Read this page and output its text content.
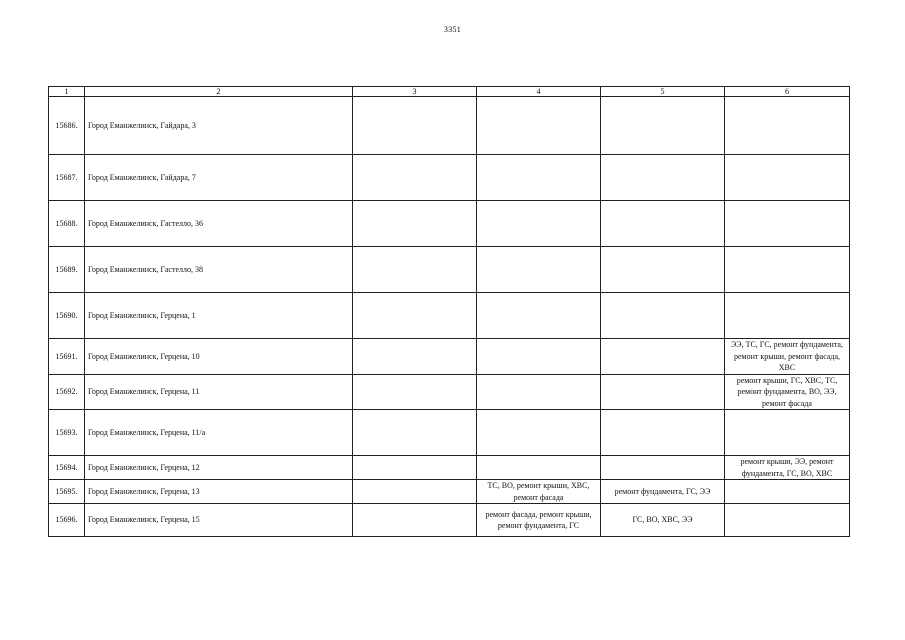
3351
1	2	3	4	5	6
15686.	Город Еманжелинск, Гайдара, 3				
15687.	Город Еманжелинск, Гайдара, 7				
15688.	Город Еманжелинск, Гастелло, 36				
15689.	Город Еманжелинск, Гастелло, 38				
15690.	Город Еманжелинск, Герцена, 1				
15691.	Город Еманжелинск, Герцена, 10				ЭЭ, ТС, ГС, ремонт фундамента, ремонт крыши, ремонт фасада, ХВС
15692.	Город Еманжелинск, Герцена, 11				ремонт крыши, ГС, ХВС, ТС, ремонт фундамента, ВО, ЭЭ, ремонт фасада
15693.	Город Еманжелинск, Герцена, 11/а				
15694.	Город Еманжелинск, Герцена, 12				ремонт крыши, ЭЭ, ремонт фундамента, ГС, ВО, ХВС
15695.	Город Еманжелинск, Герцена, 13		ТС, ВО, ремонт крыши, ХВС, ремонт фасада	ремонт фундамента, ГС, ЭЭ	
15696.	Город Еманжелинск, Герцена, 15		ремонт фасада, ремонт крыши, ремонт фундамента, ГС	ГС, ВО, ХВС, ЭЭ	
